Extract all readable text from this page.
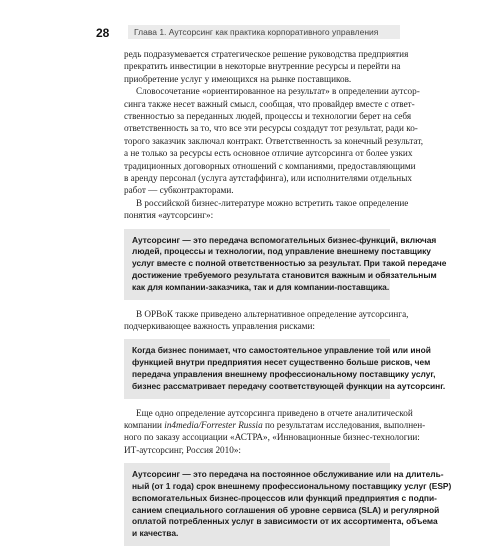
28	Глава 1. Аутсорсинг как практика корпоративного управления
редь подразумевается стратегическое решение руководства предприятия
прекратить инвестиции в некоторые внутренние ресурсы и перейти на
приобретение услуг у имеющихся на рынке поставщиков.
Словосочетание «ориентированное на результат» в определении аутсор-
синга также несет важный смысл, сообщая, что провайдер вместе с ответ-
ственностью за переданных людей, процессы и технологии берет на себя
ответственность за то, что все эти ресурсы создадут тот результат, ради ко-
торого заказчик заключал контракт. Ответственность за конечный результат,
а не только за ресурсы есть основное отличие аутсорсинга от более узких
традиционных договорных отношений с компаниями, предоставляющими
в аренду персонал (услуга аутстаффинга), или исполнителями отдельных
работ — субконтракторами.
В российской бизнес-литературе можно встретить такое определение
понятия «аутсорсинг»:
Аутсорсинг — это передача вспомогательных бизнес-функций, включая
людей, процессы и технологии, под управление внешнему поставщику
услуг вместе с полной ответственностью за результат. При такой передаче
достижение требуемого результата становится важным и обязательным
как для компании-заказчика, так и для компании-поставщика.
В ОРВоК также приведено альтернативное определение аутсорсинга,
подчеркивающее важность управления рисками:
Когда бизнес понимает, что самостоятельное управление той или иной
функцией внутри предприятия несет существенно больше рисков, чем
передача управления внешнему профессиональному поставщику услуг,
бизнес рассматривает передачу соответствующей функции на аутсорсинг.
Еще одно определение аутсорсинга приведено в отчете аналитической
компании in4media/Forrester Russia по результатам исследования, выполнен-
ного по заказу ассоциации «АСТРА», «Инновационные бизнес-технологии:
ИТ-аутсорсинг, Россия 2010»:
Аутсорсинг — это передача на постоянное обслуживание или на длитель-
ный (от 1 года) срок внешнему профессиональному поставщику услуг (ESP)
вспомогательных бизнес-процессов или функций предприятия с подпи-
санием специального соглашения об уровне сервиса (SLA) и регулярной
оплатой потребленных услуг в зависимости от их ассортимента, объема
и качества.
